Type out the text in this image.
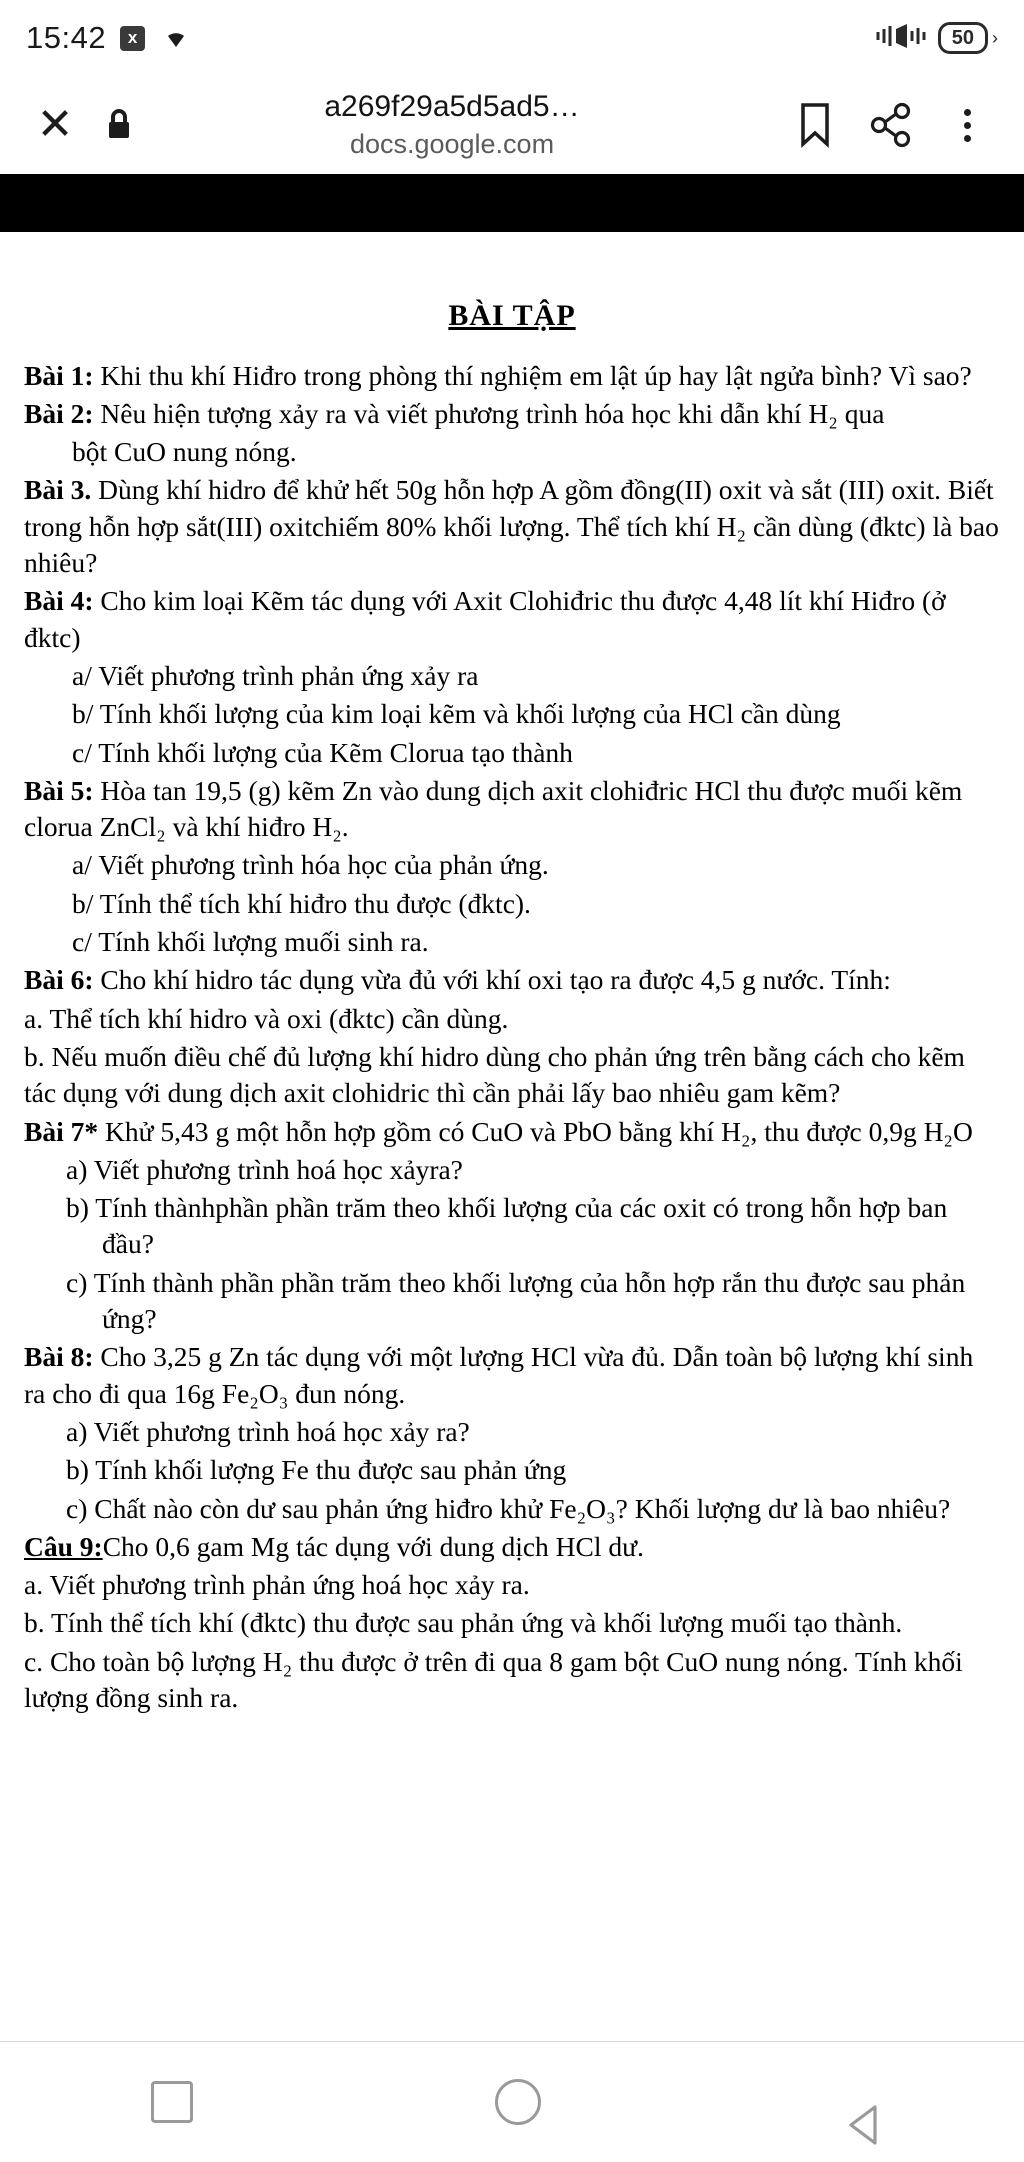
15:42	x	50	›
✕	a269f29a5d5ad5…
docs.google.com
BÀI TẬP
Bài 1: Khi thu khí Hiđro trong phòng thí nghiệm em lật úp hay lật ngửa bình? Vì sao?
Bài 2: Nêu hiện tượng xảy ra và viết phương trình hóa học khi dẫn khí H₂ qua
bột CuO nung nóng.
Bài 3. Dùng khí hidro để khử hết 50g hỗn hợp A gồm đồng(II) oxit và sắt (III) oxit. Biết trong hỗn hợp sắt(III) oxitchiếm 80% khối lượng. Thể tích khí H₂ cần dùng (đktc) là bao nhiêu?
Bài 4: Cho kim loại Kẽm tác dụng với Axit Clohiđric thu được 4,48 lít khí Hiđro (ở đktc)
a/ Viết phương trình phản ứng xảy ra
b/ Tính khối lượng của kim loại kẽm và khối lượng của HCl cần dùng
c/ Tính khối lượng của Kẽm Clorua tạo thành
Bài 5: Hòa tan 19,5 (g) kẽm Zn vào dung dịch axit clohiđric HCl thu được muối kẽm clorua ZnCl₂ và khí hiđro H₂.
a/ Viết phương trình hóa học của phản ứng.
b/ Tính thể tích khí hiđro thu được (đktc).
c/ Tính khối lượng muối sinh ra.
Bài 6: Cho khí hidro tác dụng vừa đủ với khí oxi tạo ra được 4,5 g nước. Tính:
a. Thể tích khí hidro và oxi (đktc) cần dùng.
b. Nếu muốn điều chế đủ lượng khí hidro dùng cho phản ứng trên bằng cách cho kẽm tác dụng với dung dịch axit clohidric thì cần phải lấy bao nhiêu gam kẽm?
Bài 7* Khử 5,43 g một hỗn hợp gồm có CuO và PbO bằng khí H₂, thu được 0,9g H₂O
a) Viết phương trình hoá học xảyra?
b) Tính thànhphần phần trăm theo khối lượng của các oxit có trong hỗn hợp ban đầu?
c) Tính thành phần phần trăm theo khối lượng của hỗn hợp rắn thu được sau phản ứng?
Bài 8: Cho 3,25 g Zn tác dụng với một lượng HCl vừa đủ. Dẫn toàn bộ lượng khí sinh ra cho đi qua 16g Fe₂O₃ đun nóng.
a) Viết phương trình hoá học xảy ra?
b) Tính khối lượng Fe thu được sau phản ứng
c) Chất nào còn dư sau phản ứng hiđro khử Fe₂O₃? Khối lượng dư là bao nhiêu?
Câu 9:Cho 0,6 gam Mg tác dụng với dung dịch HCl dư.
a. Viết phương trình phản ứng hoá học xảy ra.
b. Tính thể tích khí (đktc) thu được sau phản ứng và khối lượng muối tạo thành.
c. Cho toàn bộ lượng H₂ thu được ở trên đi qua 8 gam bột CuO nung nóng. Tính khối lượng đồng sinh ra.
